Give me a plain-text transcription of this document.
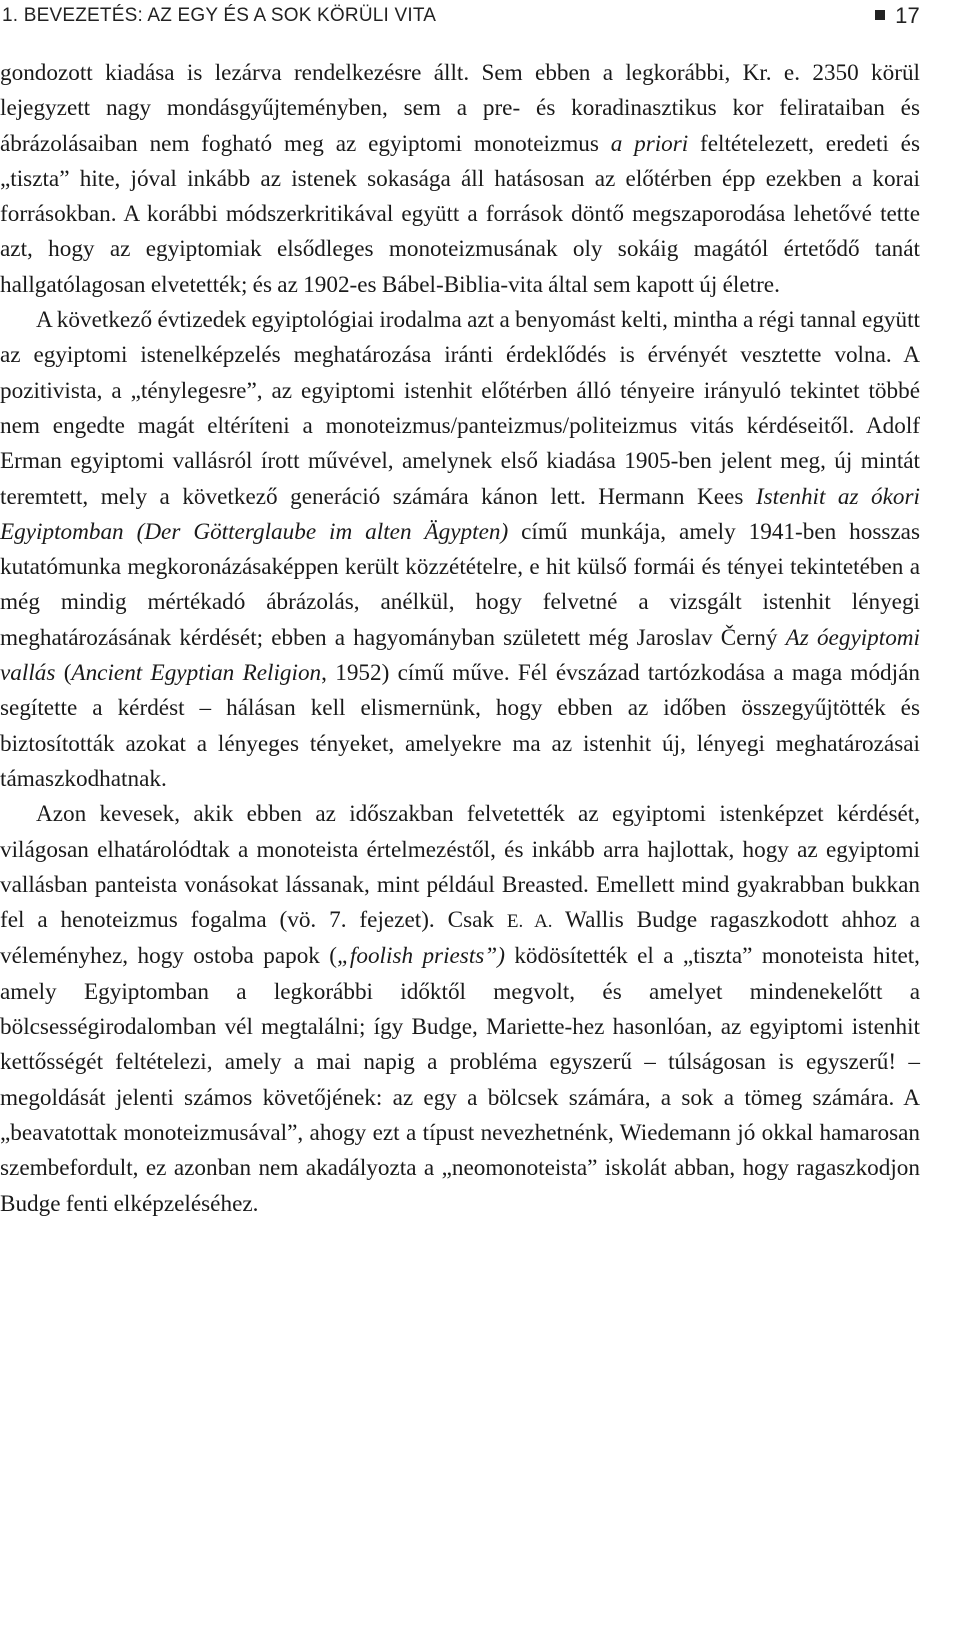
1. BEVEZETÉS: AZ EGY ÉS A SOK KÖRÜLI VITA	17

gondozott kiadása is lezárva rendelkezésre állt. Sem ebben a legkorábbi, Kr. e. 2350 körül lejegyzett nagy mondásgyűjteményben, sem a pre- és koradinasztikus kor felirataiban és ábrázolásaiban nem fogható meg az egyiptomi monoteizmus a priori feltételezett, eredeti és „tiszta” hite, jóval inkább az istenek sokasága áll hatásosan az előtérben épp ezekben a korai forrásokban. A korábbi módszerkritikával együtt a források döntő megszaporodása lehetővé tette azt, hogy az egyiptomiak elsődleges monoteizmusának oly sokáig magától értetődő tanát hallgatólagosan elvetették; és az 1902-es Bábel-Biblia-vita által sem kapott új életre.

A következő évtizedek egyiptológiai irodalma azt a benyomást kelti, mintha a régi tannal együtt az egyiptomi istenelképzelés meghatározása iránti érdeklődés is érvényét vesztette volna. A pozitivista, a „ténylegesre”, az egyiptomi istenhit előtérben álló tényeire irányuló tekintet többé nem engedte magát eltéríteni a monoteizmus/panteizmus/politeizmus vitás kérdéseitől. Adolf Erman egyiptomi vallásról írott művével, amelynek első kiadása 1905-ben jelent meg, új mintát teremtett, mely a következő generáció számára kánon lett. Hermann Kees Istenhit az ókori Egyiptomban (Der Götterglaube im alten Ägypten) című munkája, amely 1941-ben hosszas kutatómunka megkoronázásaképpen került közzétételre, e hit külső formái és tényei tekintetében a még mindig mértékadó ábrázolás, anélkül, hogy felvetné a vizsgált istenhit lényegi meghatározásának kérdését; ebben a hagyományban született még Jaroslav Černý Az óegyiptomi vallás (Ancient Egyptian Religion, 1952) című műve. Fél évszázad tartózkodása a maga módján segítette a kérdést – hálásan kell elismernünk, hogy ebben az időben összegyűjtötték és biztosították azokat a lényeges tényeket, amelyekre ma az istenhit új, lényegi meghatározásai támaszkodhatnak.

Azon kevesek, akik ebben az időszakban felvetették az egyiptomi istenképzet kérdését, világosan elhatárolódtak a monoteista értelmezéstől, és inkább arra hajlottak, hogy az egyiptomi vallásban panteista vonásokat lássanak, mint például Breasted. Emellett mind gyakrabban bukkan fel a henoteizmus fogalma (vö. 7. fejezet). Csak E. A. Wallis Budge ragaszkodott ahhoz a véleményhez, hogy ostoba papok („foolish priests”) ködösítették el a „tiszta” monoteista hitet, amely Egyiptomban a legkorábbi időktől megvolt, és amelyet mindenekelőtt a bölcsességirodalomban vél megtalálni; így Budge, Mariette-hez hasonlóan, az egyiptomi istenhit kettősségét feltételezi, amely a mai napig a probléma egyszerű – túlságosan is egyszerű! – megoldását jelenti számos követőjének: az egy a bölcsek számára, a sok a tömeg számára. A „beavatottak monoteizmusával”, ahogy ezt a típust nevezhetnénk, Wiedemann jó okkal hamarosan szembefordult, ez azonban nem akadályozta a „neomonoteista” iskolát abban, hogy ragaszkodjon Budge fenti elképzeléséhez.
